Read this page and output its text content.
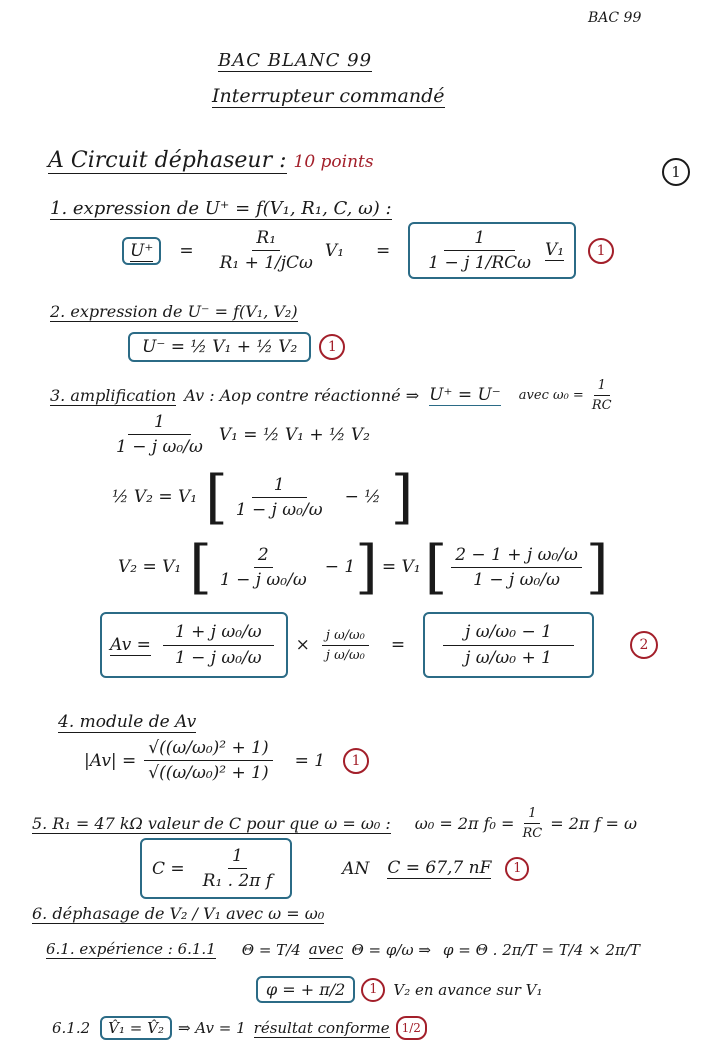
BAC 99
BAC BLANC 99
Interrupteur commandé
A Circuit déphaseur : 10 points	1
1. expression de U⁺ = f(V₁, R₁, C, ω) :
U⁺	= $\frac{\text{R₁}}{\text{R₁ + 1/jCω}} V_1 = \frac{1}{\text{1 − j 1/RCω}} V_1$	1
2. expression de U⁻ = f(V₁, V₂)
U⁻ = ½ V₁ + ½ V₂	1
3. amplification Av : Aop contre réactionné ⇒ U⁺ = U⁻ avec $\omega_0 = \frac{1}{RC}$
$\frac{1}{\text{1 − j ω₀/ω}} V_1$ = ½ V₁ + ½ V₂
½ V₂ = V₁ [ $\frac{1}{\text{1 − j ω₀/ω}}$ − ½ ]
V₂ = V₁ [ $\frac{2}{\text{1 − j ω₀/ω}} - 1$ ] = V₁ [ $\frac{\text{2 − 1 + j ω₀/ω}}{\text{1 − j ω₀/ω}}$ ]
$Av = \frac{\text{1 + j ω₀/ω}}{\text{1 − j ω₀/ω}} \times \frac{\text{j ω/ω₀}}{\text{j ω/ω₀}} = \frac{\text{j ω/ω₀ − 1}}{\text{j ω/ω₀ + 1}}$	2
4. module de Av
$|Av| = \frac{\text{√((ω/ω₀)² + 1)}}{\text{√((ω/ω₀)² + 1)}} = 1$	1
5. R₁ = 47 kΩ valeur de C pour que ω = ω₀ : ω₀ = 2π $f_0 = \frac{1}{RC} = 2\pi$ f = ω
$C = \frac{1}{\text{R₁ . 2π f}}$	AN C = 67,7 nF	1
6. déphasage de V₂ / V₁ avec ω = ω₀
6.1. expérience : 6.1.1 Θ = T/4 avec Θ = φ/ω ⇒ φ = Θ . 2π/T = T/4 × 2π/T
φ = + π/2	1	V₂ en avance sur V₁
6.1.2	V̂₁ = V̂₂ ⇒ Av = 1 résultat conforme	1/2
